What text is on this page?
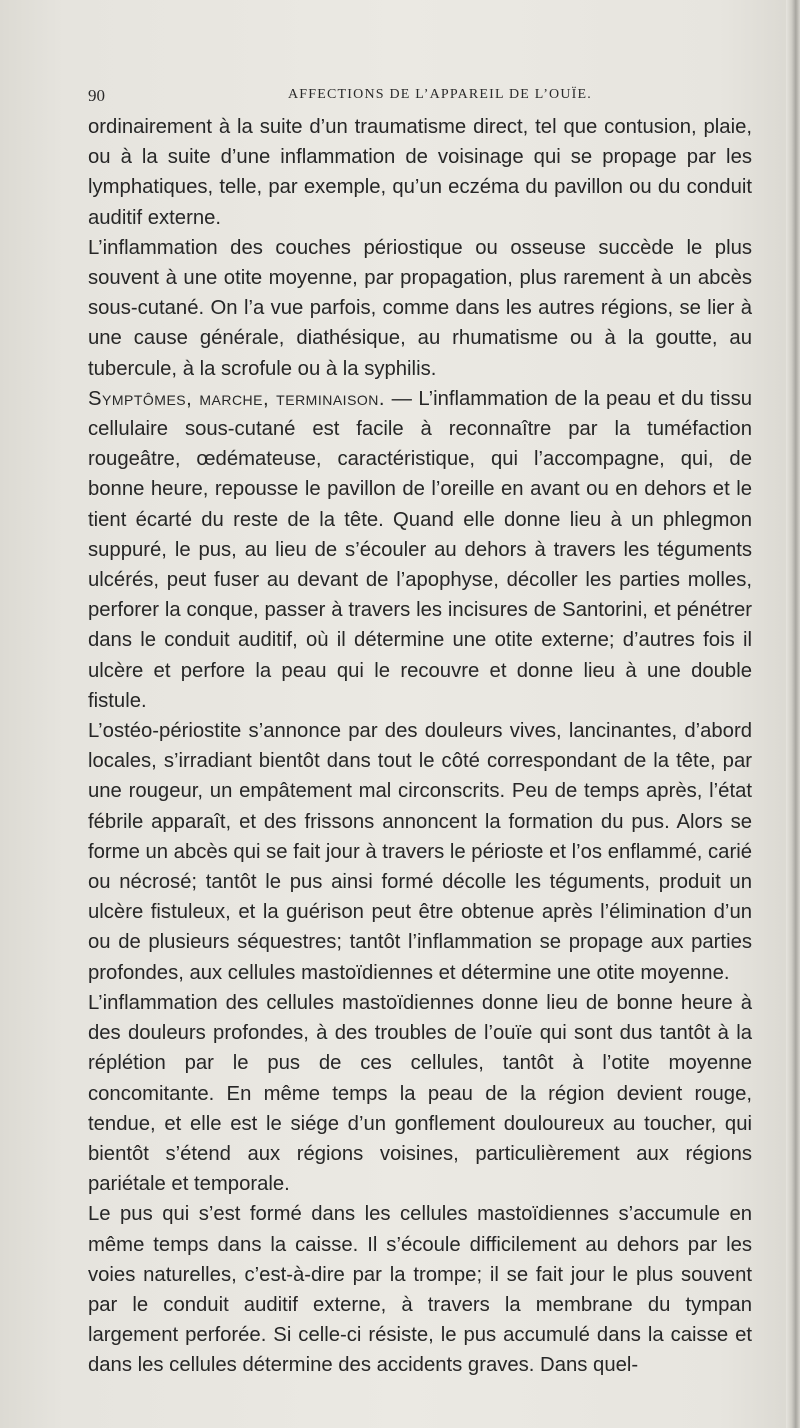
90	AFFECTIONS DE L’APPAREIL DE L’OUÏE.

ordinairement à la suite d’un traumatisme direct, tel que contusion, plaie, ou à la suite d’une inflammation de voisinage qui se propage par les lymphatiques, telle, par exemple, qu’un eczéma du pavillon ou du conduit auditif externe.

L’inflammation des couches périostique ou osseuse succède le plus souvent à une otite moyenne, par propagation, plus rarement à un abcès sous-cutané. On l’a vue parfois, comme dans les autres régions, se lier à une cause générale, diathésique, au rhumatisme ou à la goutte, au tubercule, à la scrofule ou à la syphilis.

Symptômes, marche, terminaison. — L’inflammation de la peau et du tissu cellulaire sous-cutané est facile à reconnaître par la tuméfaction rougeâtre, œdémateuse, caractéristique, qui l’accompagne, qui, de bonne heure, repousse le pavillon de l’oreille en avant ou en dehors et le tient écarté du reste de la tête. Quand elle donne lieu à un phlegmon suppuré, le pus, au lieu de s’écouler au dehors à travers les téguments ulcérés, peut fuser au devant de l’apophyse, décoller les parties molles, perforer la conque, passer à travers les incisures de Santorini, et pénétrer dans le conduit auditif, où il détermine une otite externe; d’autres fois il ulcère et perfore la peau qui le recouvre et donne lieu à une double fistule.

L’ostéo-périostite s’annonce par des douleurs vives, lancinantes, d’abord locales, s’irradiant bientôt dans tout le côté correspondant de la tête, par une rougeur, un empâtement mal circonscrits. Peu de temps après, l’état fébrile apparaît, et des frissons annoncent la formation du pus. Alors se forme un abcès qui se fait jour à travers le périoste et l’os enflammé, carié ou nécrosé; tantôt le pus ainsi formé décolle les téguments, produit un ulcère fistuleux, et la guérison peut être obtenue après l’élimination d’un ou de plusieurs séquestres; tantôt l’inflammation se propage aux parties profondes, aux cellules mastoïdiennes et détermine une otite moyenne.

L’inflammation des cellules mastoïdiennes donne lieu de bonne heure à des douleurs profondes, à des troubles de l’ouïe qui sont dus tantôt à la réplétion par le pus de ces cellules, tantôt à l’otite moyenne concomitante. En même temps la peau de la région devient rouge, tendue, et elle est le siége d’un gonflement douloureux au toucher, qui bientôt s’étend aux régions voisines, particulièrement aux régions pariétale et temporale.

Le pus qui s’est formé dans les cellules mastoïdiennes s’accumule en même temps dans la caisse. Il s’écoule difficilement au dehors par les voies naturelles, c’est-à-dire par la trompe; il se fait jour le plus souvent par le conduit auditif externe, à travers la membrane du tympan largement perforée. Si celle-ci résiste, le pus accumulé dans la caisse et dans les cellules détermine des accidents graves. Dans quel-
